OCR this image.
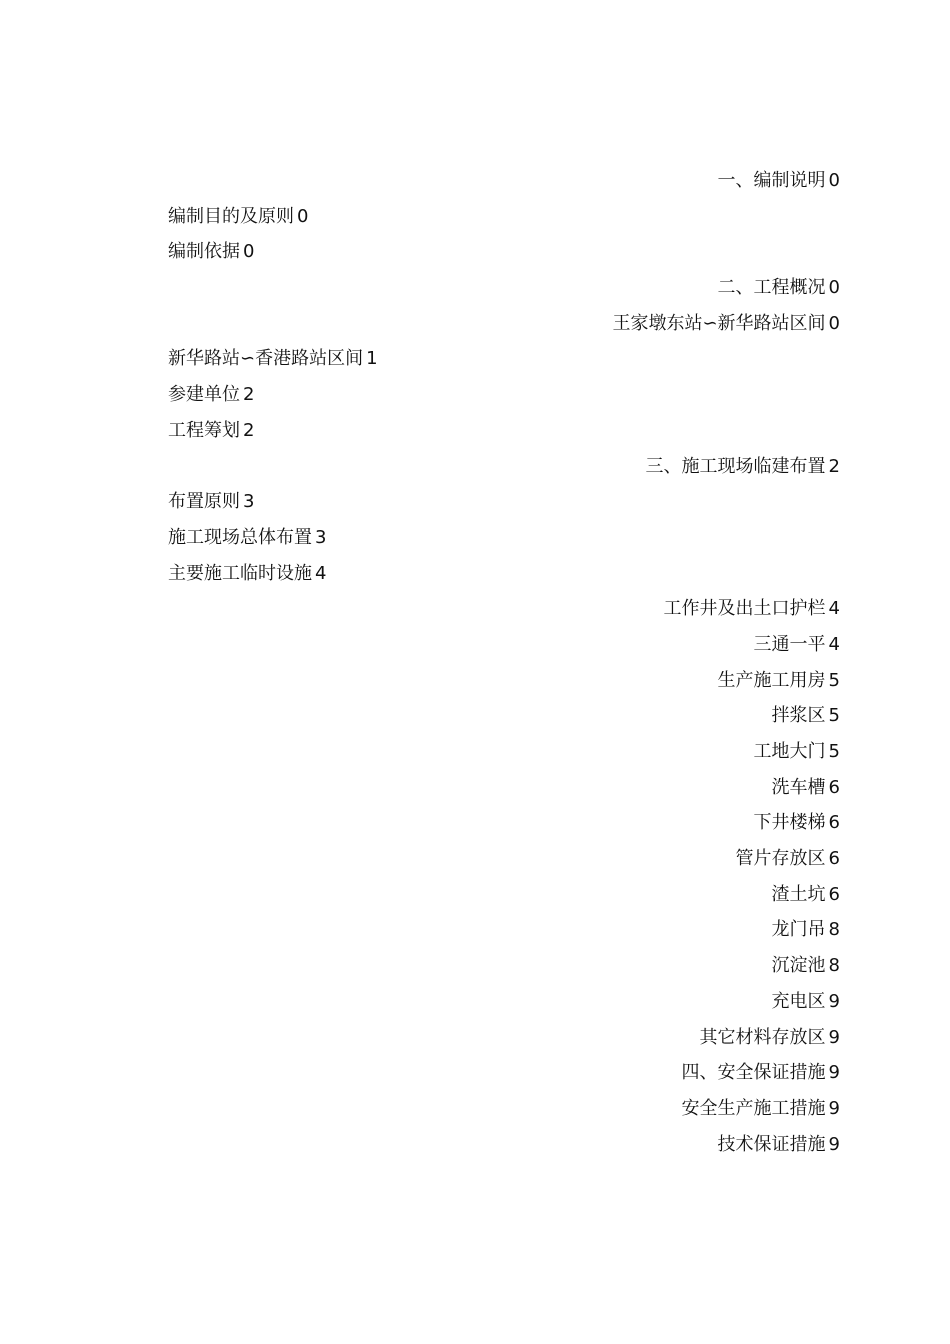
一、编制说明 0
编制目的及原则 0
编制依据 0
二、工程概况 0
王家墩东站∽新华路站区间 0
新华路站∽香港路站区间 1
参建单位 2
工程筹划 2
三、施工现场临建布置 2
布置原则 3
施工现场总体布置 3
主要施工临时设施 4
工作井及出土口护栏 4
三通一平 4
生产施工用房 5
拌浆区 5
工地大门 5
洗车槽 6
下井楼梯 6
管片存放区 6
渣土坑 6
龙门吊 8
沉淀池 8
充电区 9
其它材料存放区 9
四、安全保证措施 9
安全生产施工措施 9
技术保证措施 9
